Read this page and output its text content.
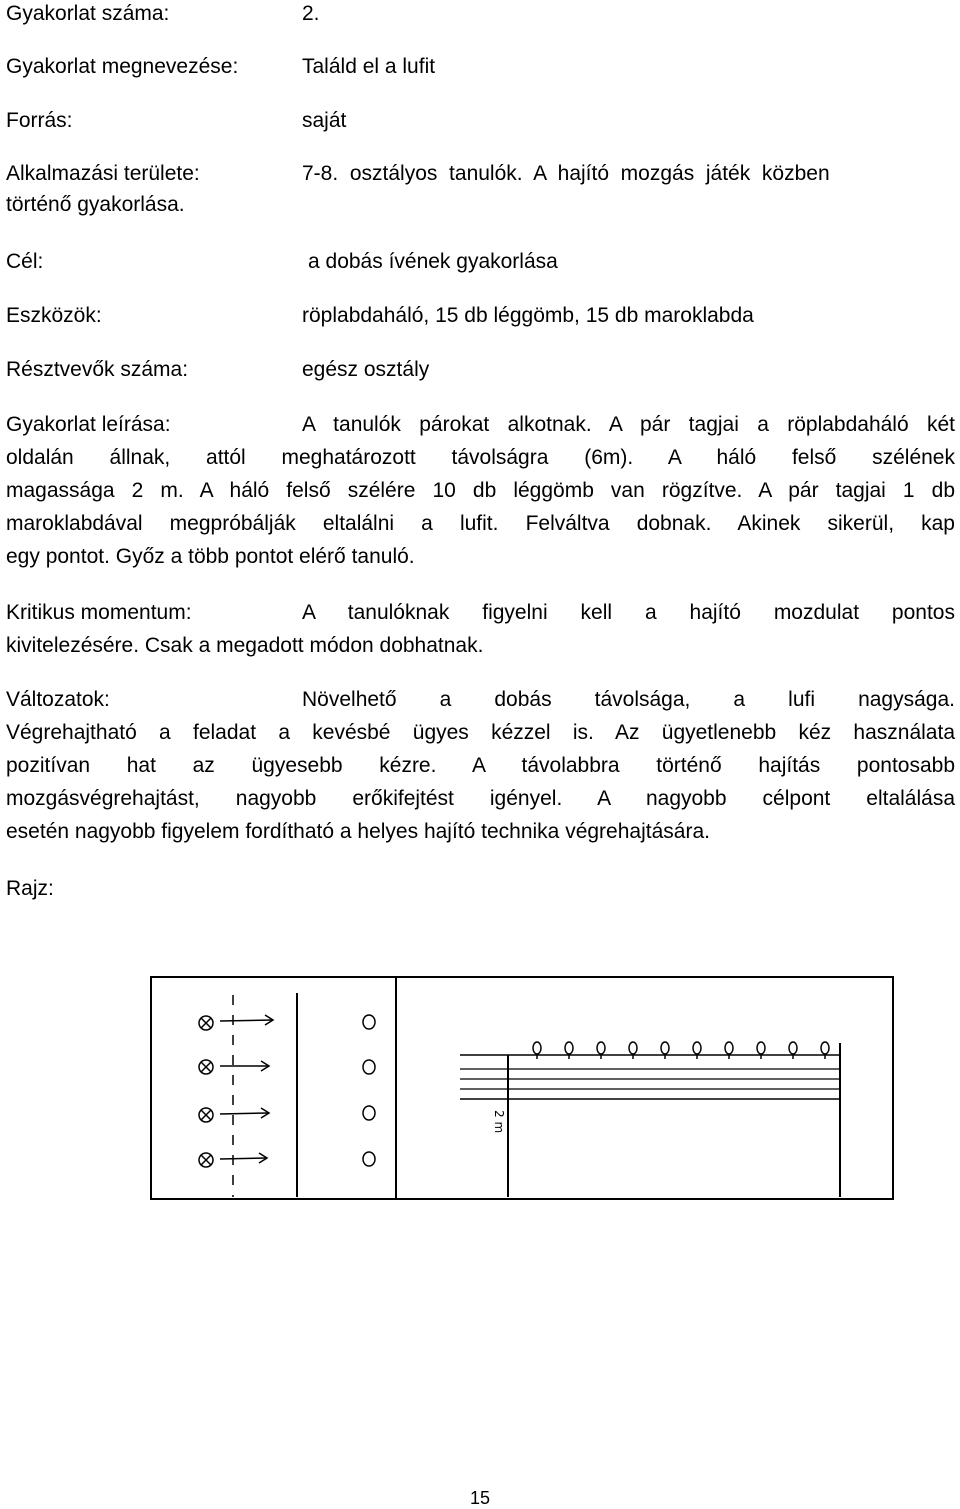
Gyakorlat száma:	2.
Gyakorlat megnevezése:	Találd el a lufit
Forrás:	saját
Alkalmazási területe:	7-8.  osztályos  tanulók.  A  hajító  mozgás  játék  közben
történő gyakorlása.
Cél:	a dobás ívének gyakorlása
Eszközök:	röplabdaháló, 15 db léggömb, 15 db maroklabda
Résztvevők száma:	egész osztály
Gyakorlat leírása:	A tanulók párokat alkotnak. A pár tagjai a röplabdaháló két
oldalán állnak, attól meghatározott távolságra (6m). A háló felső szélének
magassága 2 m. A háló felső szélére 10 db léggömb van rögzítve. A pár tagjai 1 db
maroklabdával megpróbálják eltalálni a lufit. Felváltva dobnak. Akinek sikerül, kap
egy pontot. Győz a több pontot elérő tanuló.
Kritikus momentum:	A tanulóknak figyelni kell a hajító mozdulat pontos
kivitelezésére. Csak a megadott módon dobhatnak.
Változatok:	Növelhető a dobás távolsága, a lufi nagysága.
Végrehajtható a feladat a kevésbé ügyes kézzel is. Az ügyetlenebb kéz használata
pozitívan hat az ügyesebb kézre. A távolabbra történő hajítás pontosabb
mozgásvégrehajtást, nagyobb erőkifejtést igényel. A nagyobb célpont eltalálása
esetén nagyobb figyelem fordítható a helyes hajító technika végrehajtására.
Rajz:
2 m
15
